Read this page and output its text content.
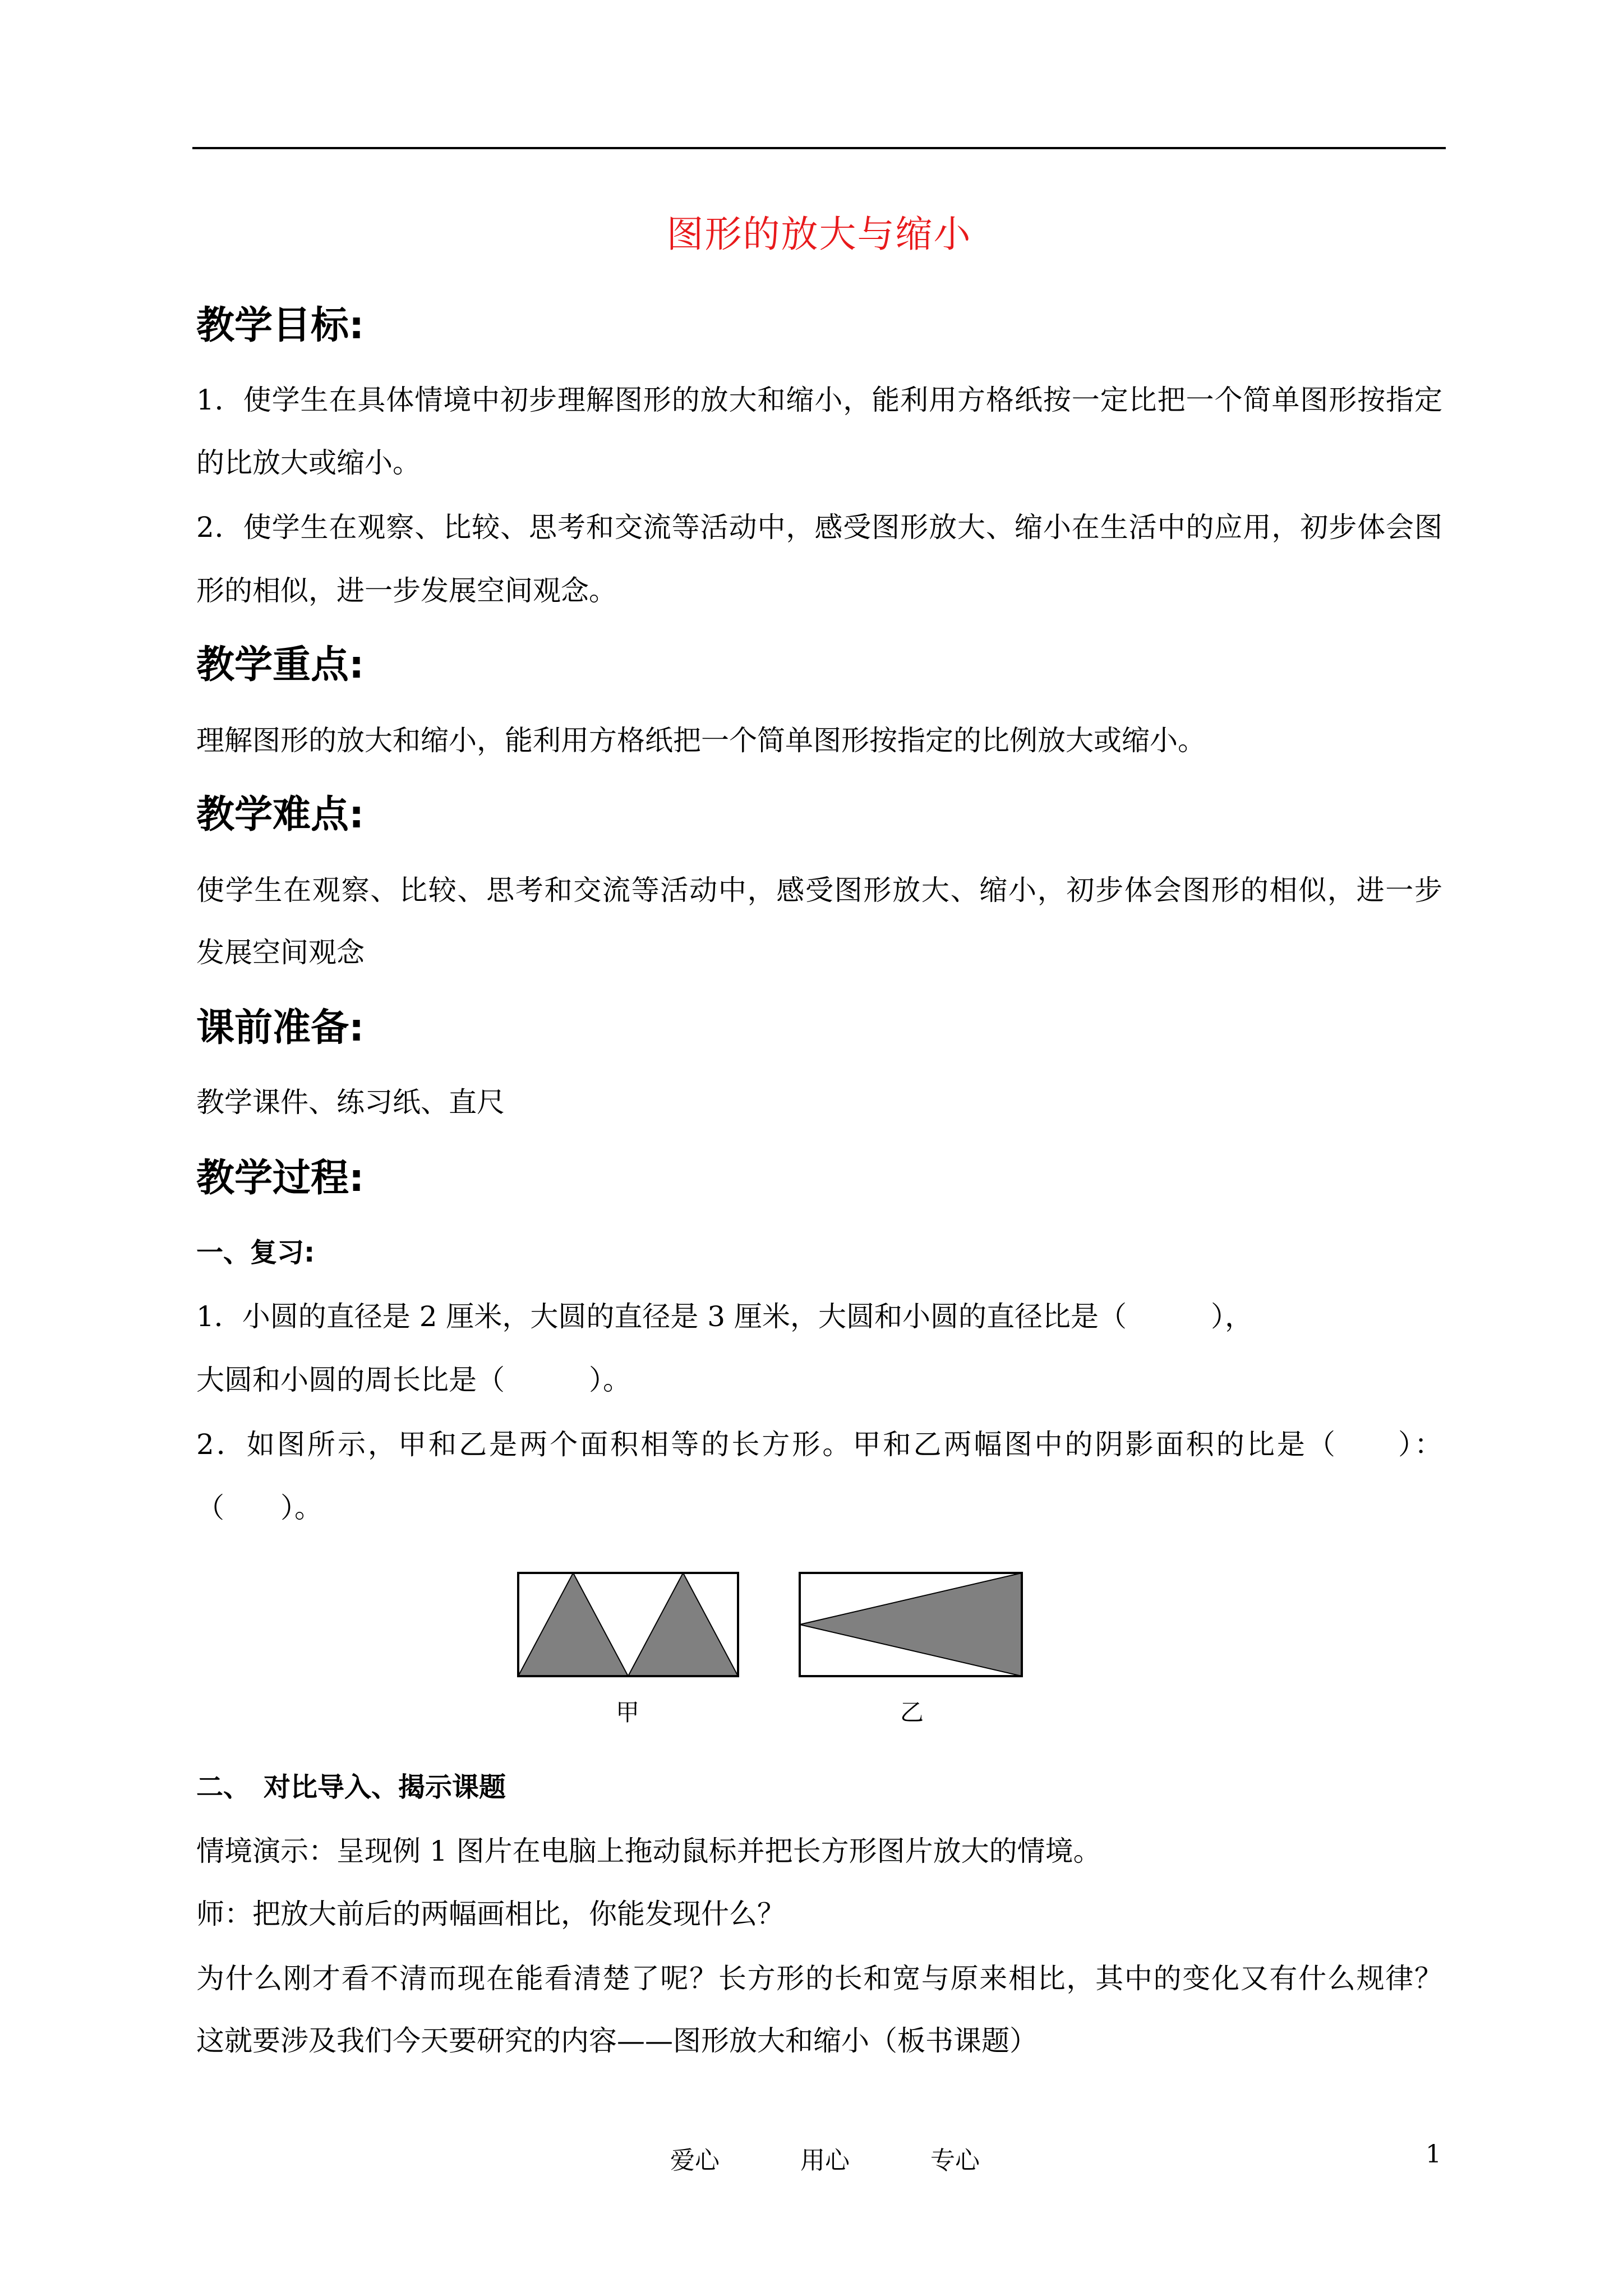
图形的放大与缩小
教学目标:
1．使学生在具体情境中初步理解图形的放大和缩小，能利用方格纸按一定比把一个简单图形按指定
的比放大或缩小。
2．使学生在观察、比较、思考和交流等活动中，感受图形放大、缩小在生活中的应用，初步体会图
形的相似，进一步发展空间观念。
教学重点:
理解图形的放大和缩小，能利用方格纸把一个简单图形按指定的比例放大或缩小。
教学难点:
使学生在观察、比较、思考和交流等活动中，感受图形放大、缩小，初步体会图形的相似，进一步
发展空间观念
课前准备:
教学课件、练习纸、直尺
教学过程:
一、复习:
1．小圆的直径是 2 厘米，大圆的直径是 3 厘米，大圆和小圆的直径比是（　　　），
大圆和小圆的周长比是（　　　）。
2．如图所示，甲和乙是两个面积相等的长方形。甲和乙两幅图中的阴影面积的比是（　　）：
（　　）。
甲	乙
二、　对比导入、揭示课题
情境演示：呈现例 1 图片在电脑上拖动鼠标并把长方形图片放大的情境。
师：把放大前后的两幅画相比，你能发现什么？
为什么刚才看不清而现在能看清楚了呢？长方形的长和宽与原来相比，其中的变化又有什么规律？
这就要涉及我们今天要研究的内容——图形放大和缩小（板书课题）
爱心	用心	专心	1
